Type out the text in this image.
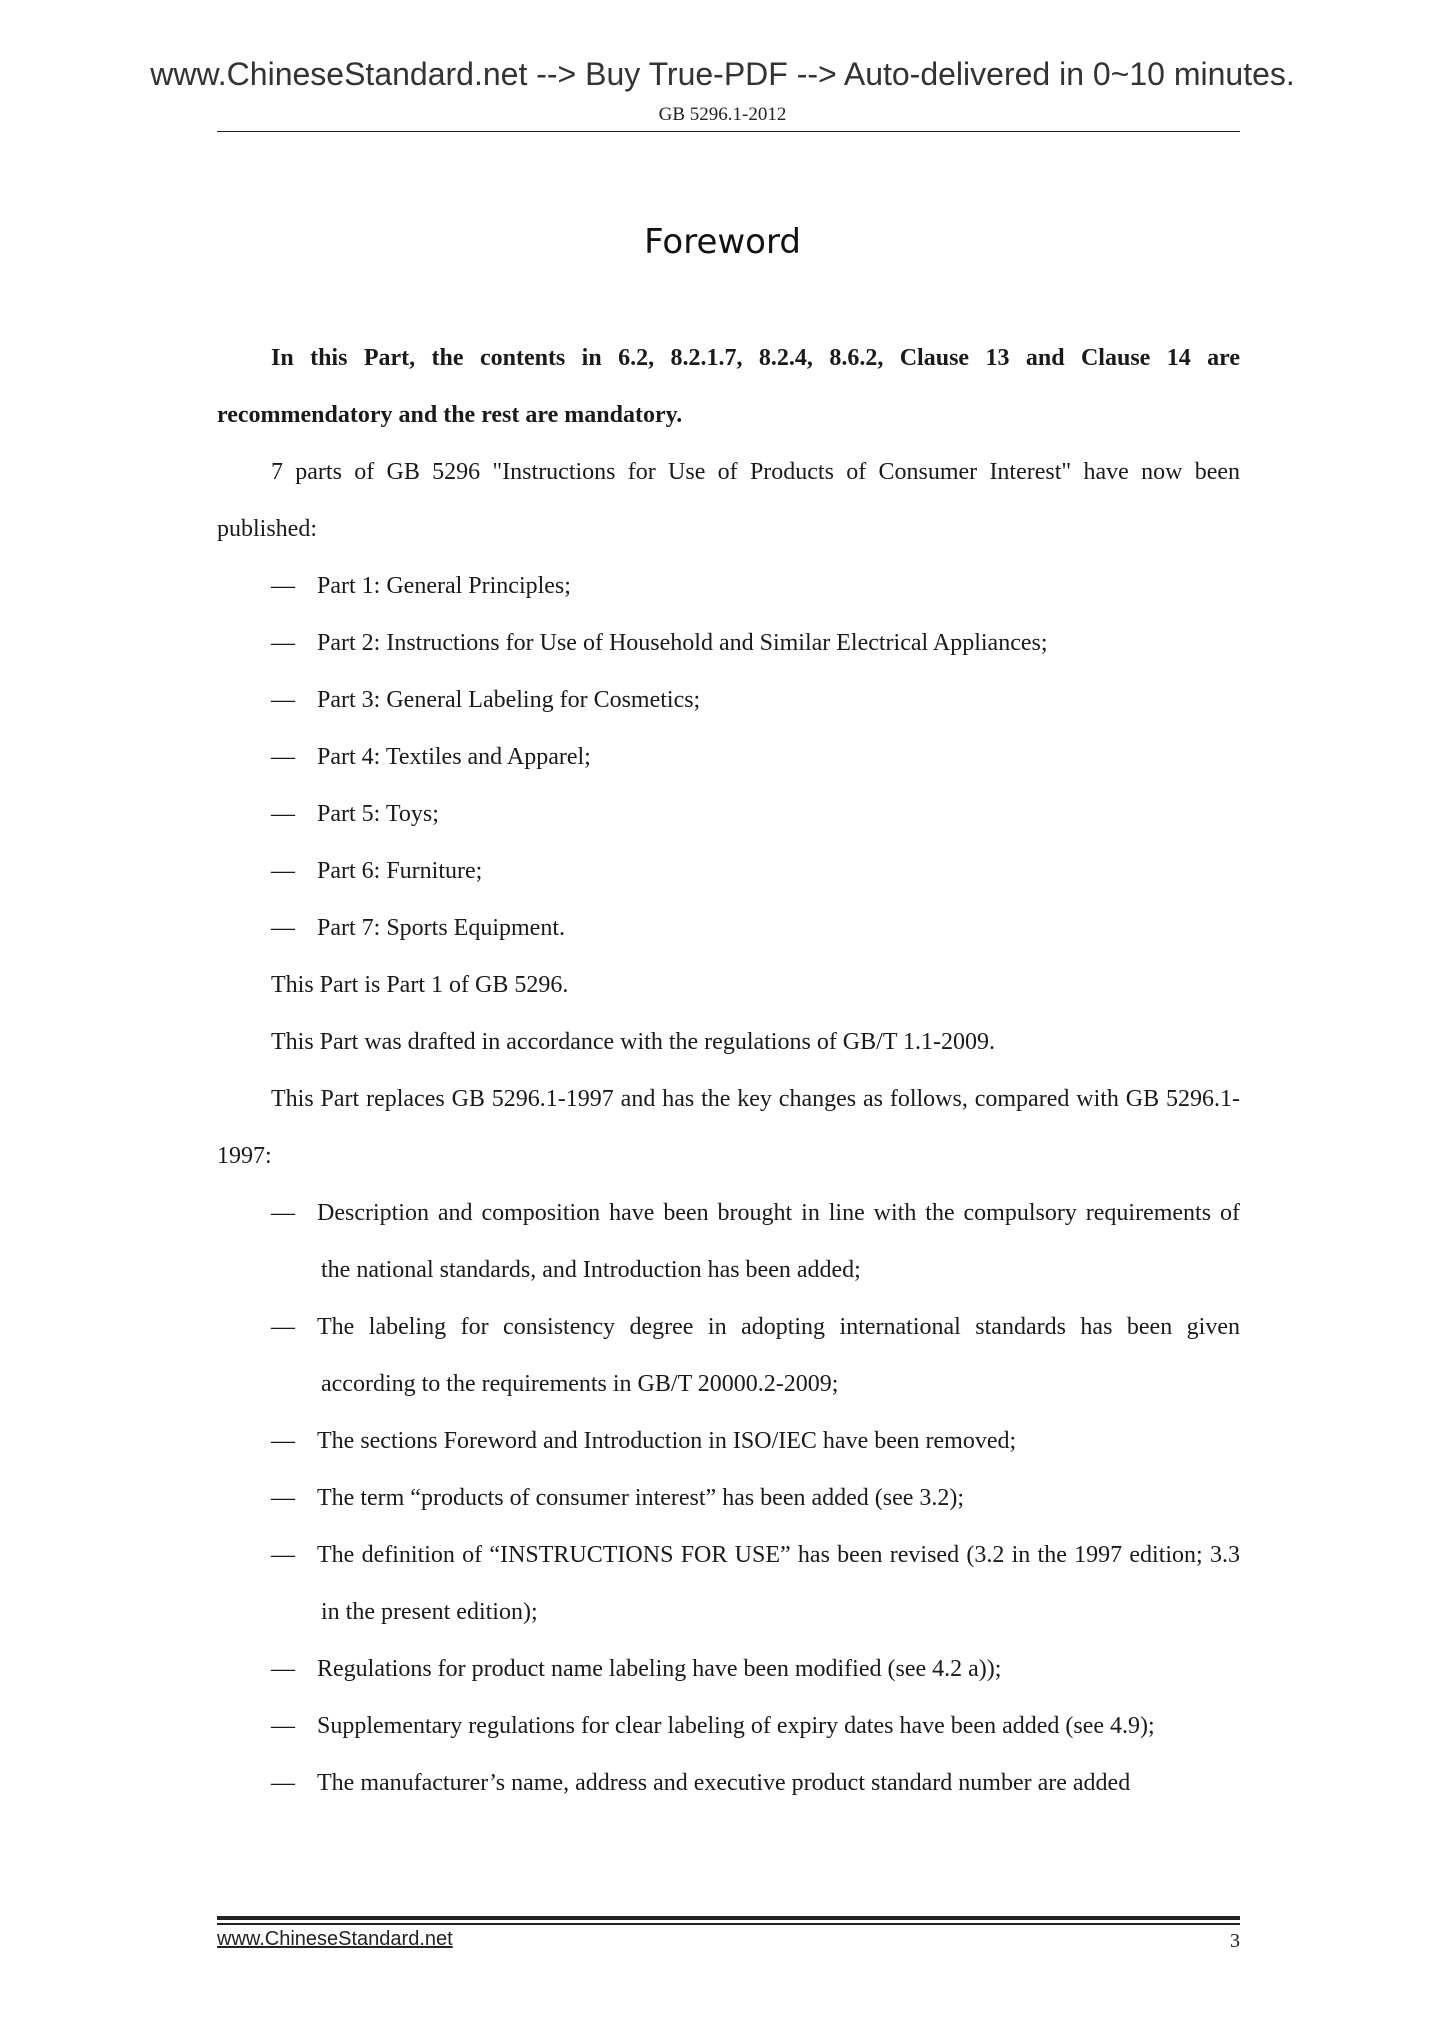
www.ChineseStandard.net --> Buy True-PDF --> Auto-delivered in 0~10 minutes.
GB 5296.1-2012
Foreword

In this Part, the contents in 6.2, 8.2.1.7, 8.2.4, 8.6.2, Clause 13 and Clause 14 are recommendatory and the rest are mandatory.

7 parts of GB 5296 "Instructions for Use of Products of Consumer Interest" have now been published:

— Part 1: General Principles;

— Part 2: Instructions for Use of Household and Similar Electrical Appliances;

— Part 3: General Labeling for Cosmetics;

— Part 4: Textiles and Apparel;

— Part 5: Toys;

— Part 6: Furniture;

— Part 7: Sports Equipment.

This Part is Part 1 of GB 5296.

This Part was drafted in accordance with the regulations of GB/T 1.1-2009.

This Part replaces GB 5296.1-1997 and has the key changes as follows, compared with GB 5296.1-1997:

— Description and composition have been brought in line with the compulsory requirements of the national standards, and Introduction has been added;

— The labeling for consistency degree in adopting international standards has been given according to the requirements in GB/T 20000.2-2009;

— The sections Foreword and Introduction in ISO/IEC have been removed;

— The term “products of consumer interest” has been added (see 3.2);

— The definition of “INSTRUCTIONS FOR USE” has been revised (3.2 in the 1997 edition; 3.3 in the present edition);

— Regulations for product name labeling have been modified (see 4.2 a));

— Supplementary regulations for clear labeling of expiry dates have been added (see 4.9);

— The manufacturer’s name, address and executive product standard number are added

www.ChineseStandard.net	3
